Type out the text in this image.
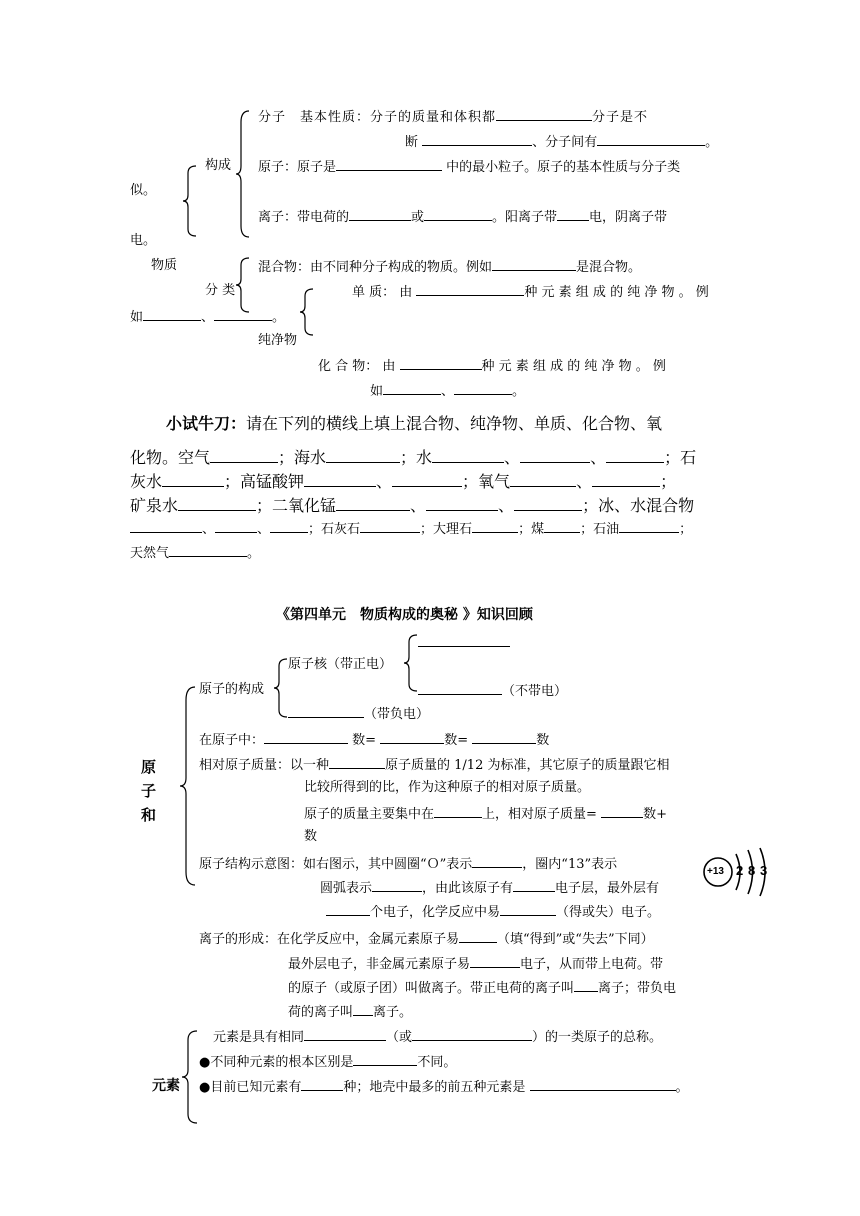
分子　基本性质：分子的质量和体积都	分子是不
断	、分子间有	。
构成 原子：原子是	中的最小粒子。原子的基本性质与分子类
似。
离子：带电荷的	或	。阳离子带 电，阴离子带
电。
物质	混合物：由不同种分子构成的物质。例如	是混合物。
分 类	单 质： 由	种 元 素 组 成 的 纯 净 物 。 例
如	、	。
纯净物
化 合 物： 由	种 元 素 组 成 的 纯 净 物 。 例
如	、	。
小试牛刀：请在下列的横线上填上混合物、纯净物、单质、化合物、氧
化物。空气	；海水	；水	、	、	；石
灰水	；高锰酸钾	、	；氧气	、	；
矿泉水	；二氧化锰	、	、	；冰、水混合物
、	、	；石灰石	；大理石	；煤	；石油	；
天然气	。
《第四单元　物质构成的奥秘 》知识回顾
原
子
和
原子的构成
原子核（带正电）
（不带电）
（带负电）
在原子中：	数=	数=	数
相对原子质量：以一种	原子质量的 1/12 为标准，其它原子的质量跟它相
比较所得到的比，作为这种原子的相对原子质量。
原子的质量主要集中在	上，相对原子质量=	数+
数
原子结构示意图：如右图示，其中圆圈“Ｏ”表示	，圈内“13”表示
圆弧表示	，由此该原子有	电子层，最外层有
个电子，化学反应中易	（得或失）电子。
+13 2 8 3
离子的形成：在化学反应中，金属元素原子易	（填“得到”或“失去”下同）
最外层电子，非金属元素原子易	电子，从而带上电荷。带
的原子（或原子团）叫做离子。带正电荷的离子叫 离子；带负电
荷的离子叫 离子。
元素是具有相同	（或	）的一类原子的总称。
●不同种元素的根本区别是	不同。
元素 ●目前已知元素有	种；地壳中最多的前五种元素是	。
